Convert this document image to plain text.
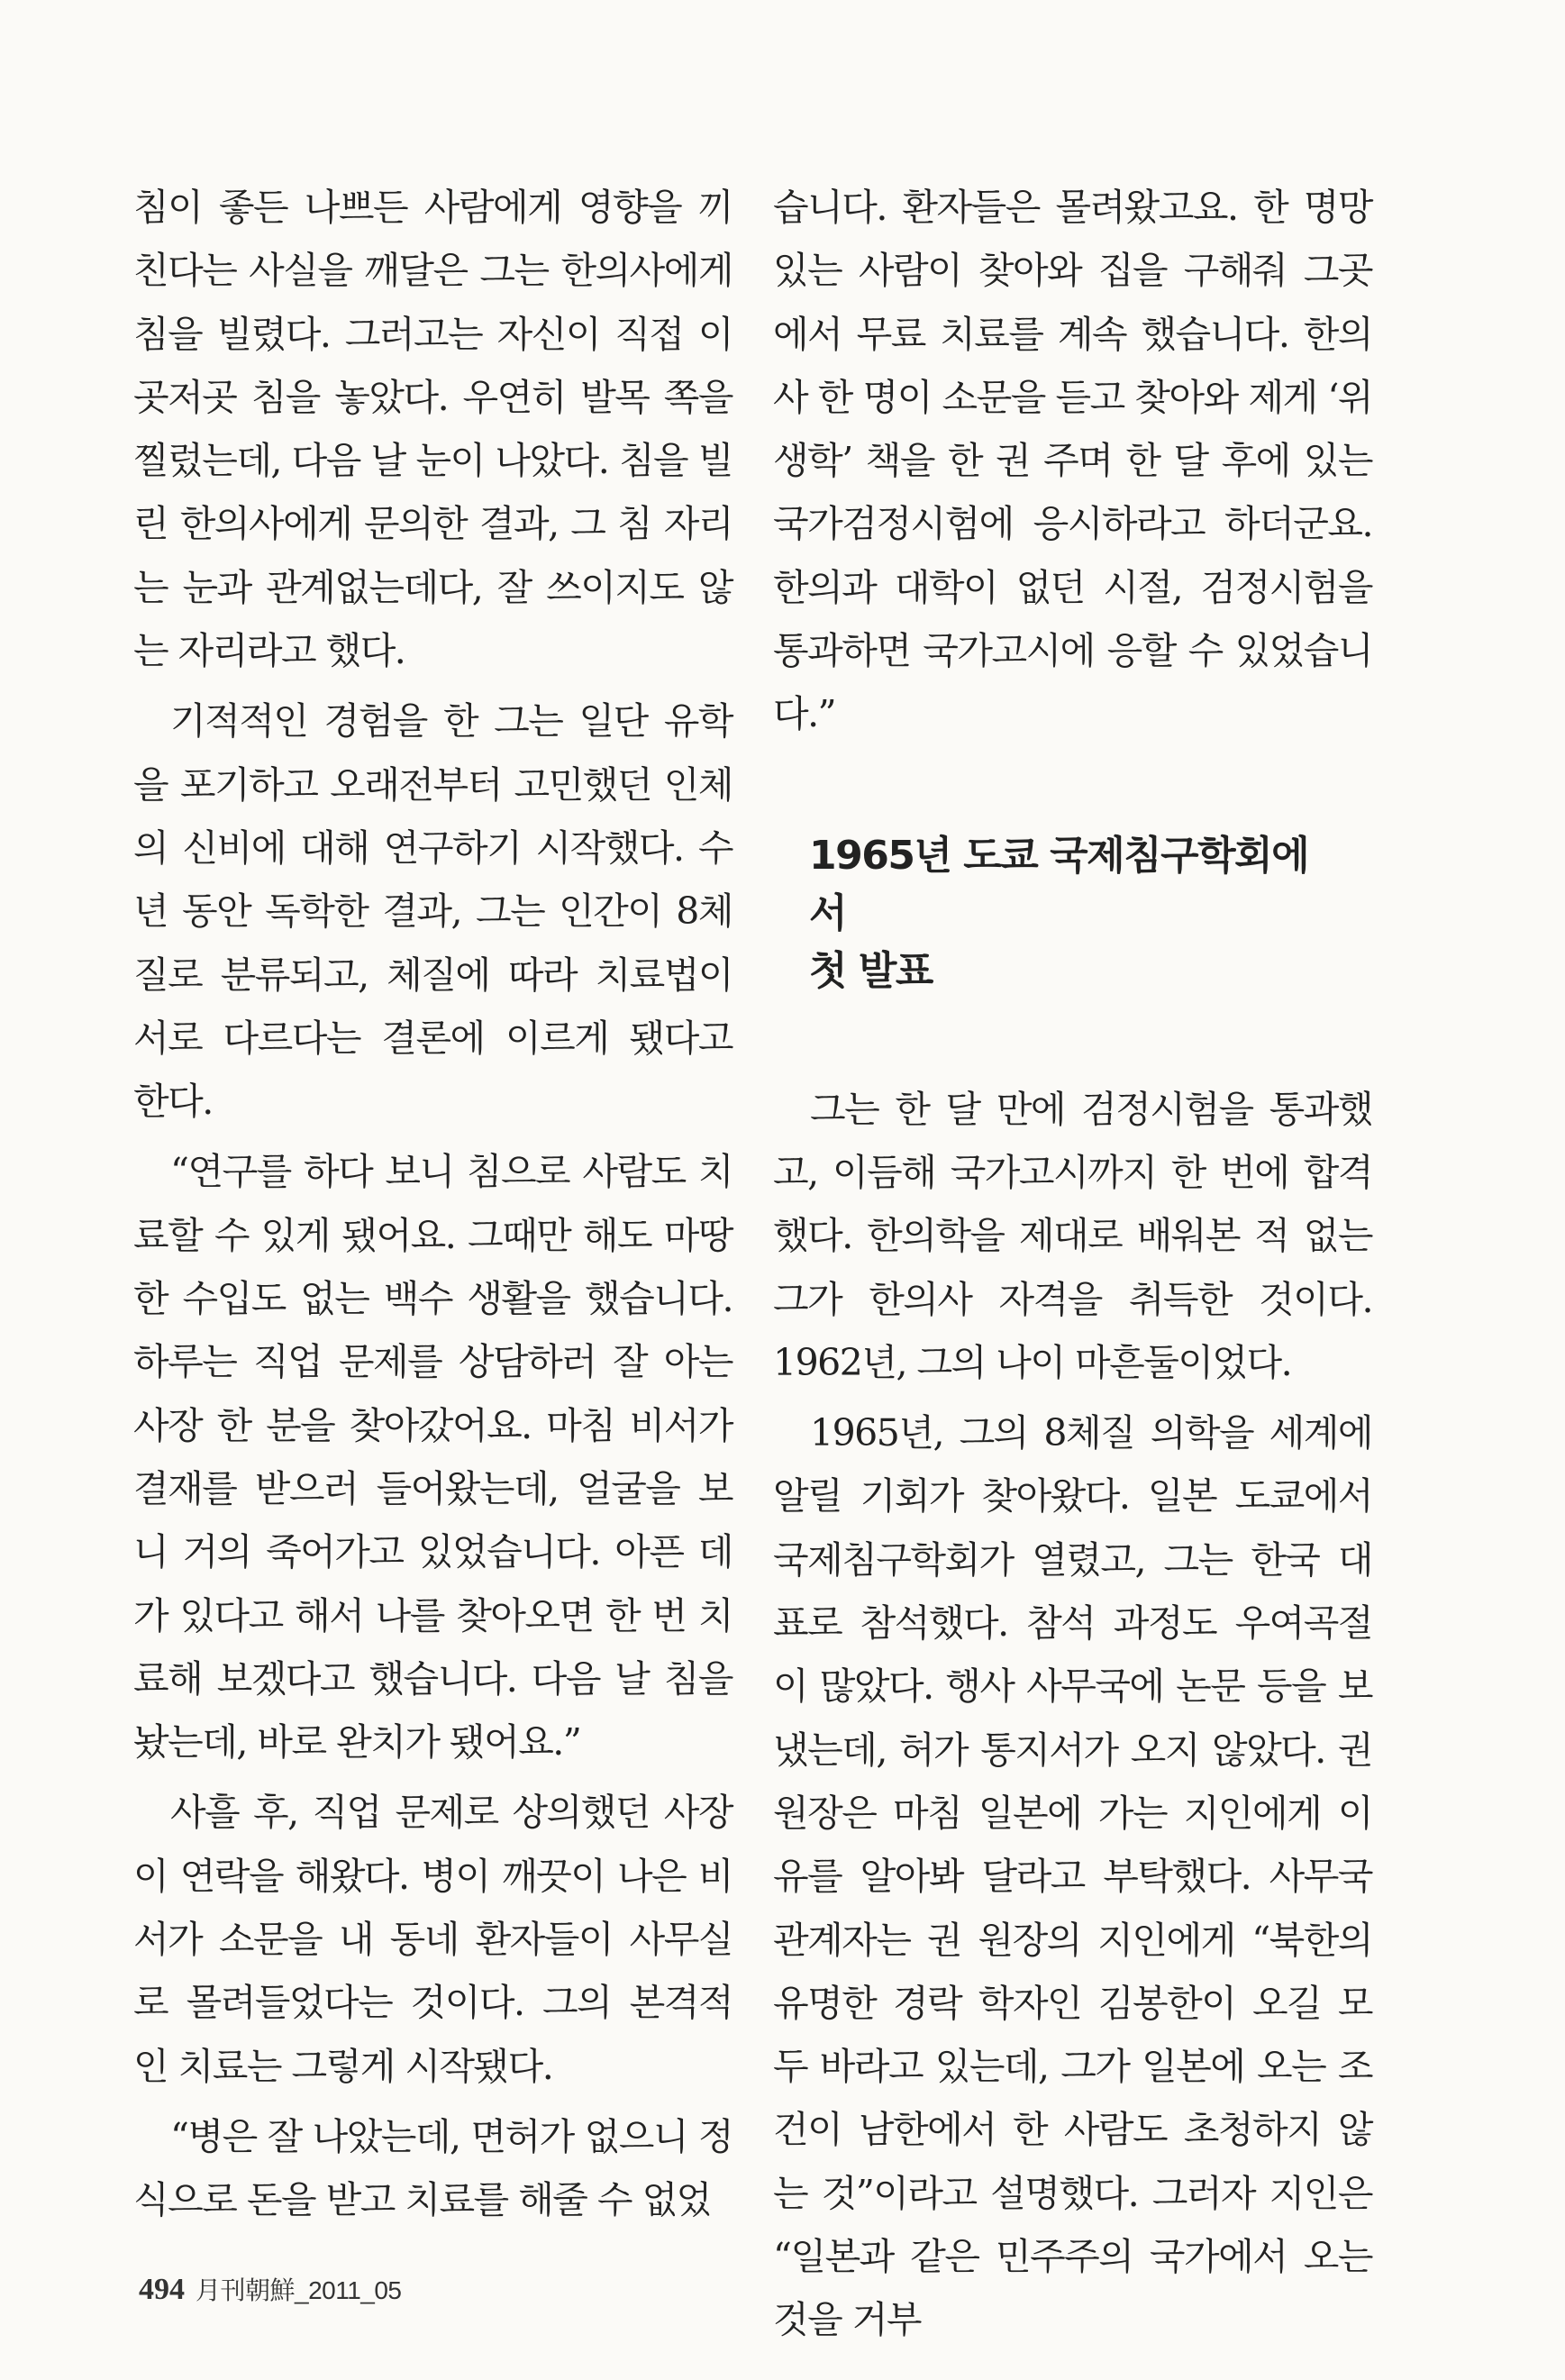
침이 좋든 나쁘든 사람에게 영향을 끼친다는 사실을 깨달은 그는 한의사에게 침을 빌렸다. 그러고는 자신이 직접 이곳저곳 침을 놓았다. 우연히 발목 쪽을 찔렀는데, 다음 날 눈이 나았다. 침을 빌린 한의사에게 문의한 결과, 그 침 자리는 눈과 관계없는데다, 잘 쓰이지도 않는 자리라고 했다.

기적적인 경험을 한 그는 일단 유학을 포기하고 오래전부터 고민했던 인체의 신비에 대해 연구하기 시작했다. 수년 동안 독학한 결과, 그는 인간이 8체질로 분류되고, 체질에 따라 치료법이 서로 다르다는 결론에 이르게 됐다고 한다.

“연구를 하다 보니 침으로 사람도 치료할 수 있게 됐어요. 그때만 해도 마땅한 수입도 없는 백수 생활을 했습니다. 하루는 직업 문제를 상담하러 잘 아는 사장 한 분을 찾아갔어요. 마침 비서가 결재를 받으러 들어왔는데, 얼굴을 보니 거의 죽어가고 있었습니다. 아픈 데가 있다고 해서 나를 찾아오면 한 번 치료해 보겠다고 했습니다. 다음 날 침을 놨는데, 바로 완치가 됐어요.”

사흘 후, 직업 문제로 상의했던 사장이 연락을 해왔다. 병이 깨끗이 나은 비서가 소문을 내 동네 환자들이 사무실로 몰려들었다는 것이다. 그의 본격적인 치료는 그렇게 시작됐다.

“병은 잘 나았는데, 면허가 없으니 정식으로 돈을 받고 치료를 해줄 수 없었

습니다. 환자들은 몰려왔고요. 한 명망 있는 사람이 찾아와 집을 구해줘 그곳에서 무료 치료를 계속 했습니다. 한의사 한 명이 소문을 듣고 찾아와 제게 ‘위생학’ 책을 한 권 주며 한 달 후에 있는 국가검정시험에 응시하라고 하더군요. 한의과 대학이 없던 시절, 검정시험을 통과하면 국가고시에 응할 수 있었습니다.”

1965년 도쿄 국제침구학회에서
첫 발표

그는 한 달 만에 검정시험을 통과했고, 이듬해 국가고시까지 한 번에 합격했다. 한의학을 제대로 배워본 적 없는 그가 한의사 자격을 취득한 것이다. 1962년, 그의 나이 마흔둘이었다.

1965년, 그의 8체질 의학을 세계에 알릴 기회가 찾아왔다. 일본 도쿄에서 국제침구학회가 열렸고, 그는 한국 대표로 참석했다. 참석 과정도 우여곡절이 많았다. 행사 사무국에 논문 등을 보냈는데, 허가 통지서가 오지 않았다. 권 원장은 마침 일본에 가는 지인에게 이유를 알아봐 달라고 부탁했다. 사무국 관계자는 권 원장의 지인에게 “북한의 유명한 경락 학자인 김봉한이 오길 모두 바라고 있는데, 그가 일본에 오는 조건이 남한에서 한 사람도 초청하지 않는 것”이라고 설명했다. 그러자 지인은 “일본과 같은 민주주의 국가에서 오는 것을 거부

494 月刊朝鮮_2011_05
